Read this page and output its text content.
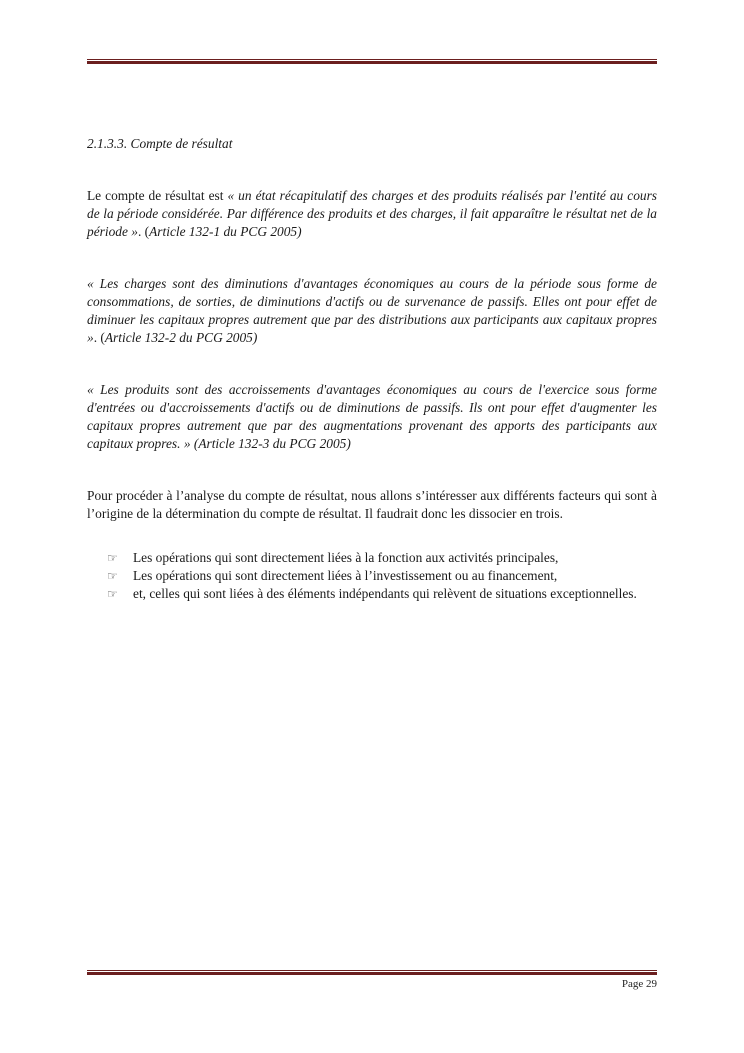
2.1.3.3. Compte de résultat

Le compte de résultat est « un état récapitulatif des charges et des produits réalisés par l'entité au cours de la période considérée. Par différence des produits et des charges, il fait apparaître le résultat net de la période ». (Article 132-1 du PCG 2005)

« Les charges sont des diminutions d'avantages économiques au cours de la période sous forme de consommations, de sorties, de diminutions d'actifs ou de survenance de passifs. Elles ont pour effet de diminuer les capitaux propres autrement que par des distributions aux participants aux capitaux propres ». (Article 132-2 du PCG 2005)

« Les produits sont des accroissements d'avantages économiques au cours de l'exercice sous forme d'entrées ou d'accroissements d'actifs ou de diminutions de passifs. Ils ont pour effet d'augmenter les capitaux propres autrement que par des augmentations provenant des apports des participants aux capitaux propres. » (Article 132-3 du PCG 2005)

Pour procéder à l’analyse du compte de résultat, nous allons s’intéresser aux différents facteurs qui sont à l’origine de la détermination du compte de résultat. Il faudrait donc les dissocier en trois.

☞	Les opérations qui sont directement liées à la fonction aux activités principales,
☞	Les opérations qui sont directement liées à l’investissement ou au financement,
☞	et, celles qui sont liées à des éléments indépendants qui relèvent de situations exceptionnelles.
Page 29
